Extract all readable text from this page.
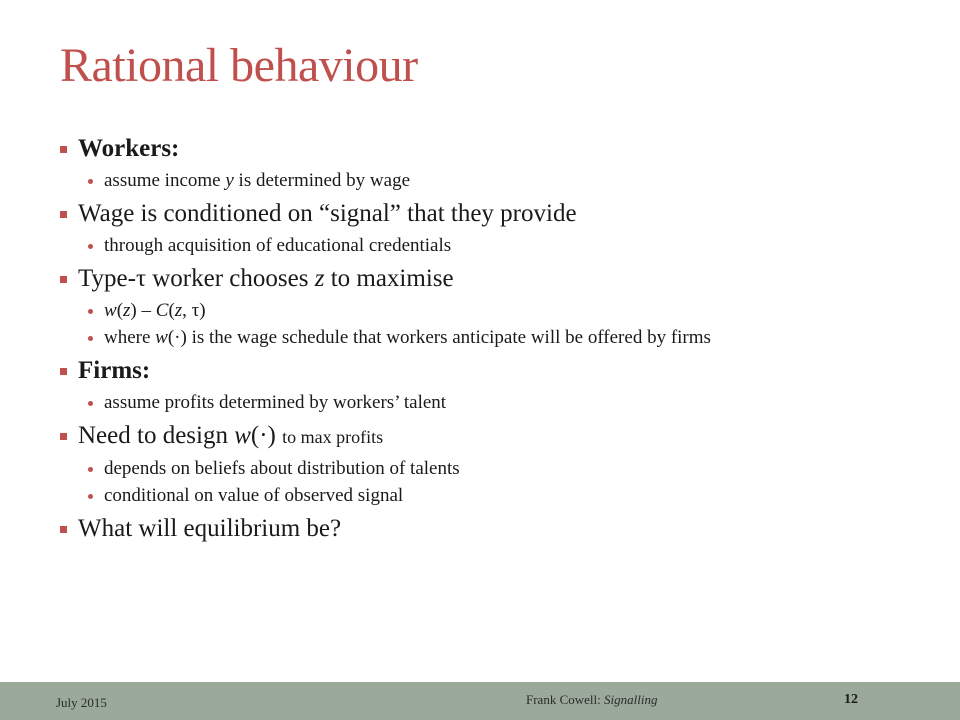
Rational behaviour
Workers:
assume income y is determined by wage
Wage is conditioned on “signal” that they provide
through acquisition of educational credentials
Type-τ worker chooses z to maximise
w(z) – C(z, τ)
where w(·) is the wage schedule that workers anticipate will be offered by firms
Firms:
assume profits determined by workers’ talent
Need to design w(·) to max profits
depends on beliefs about distribution of talents
conditional on value of observed signal
What will equilibrium be?
July 2015	Frank Cowell: Signalling	12
